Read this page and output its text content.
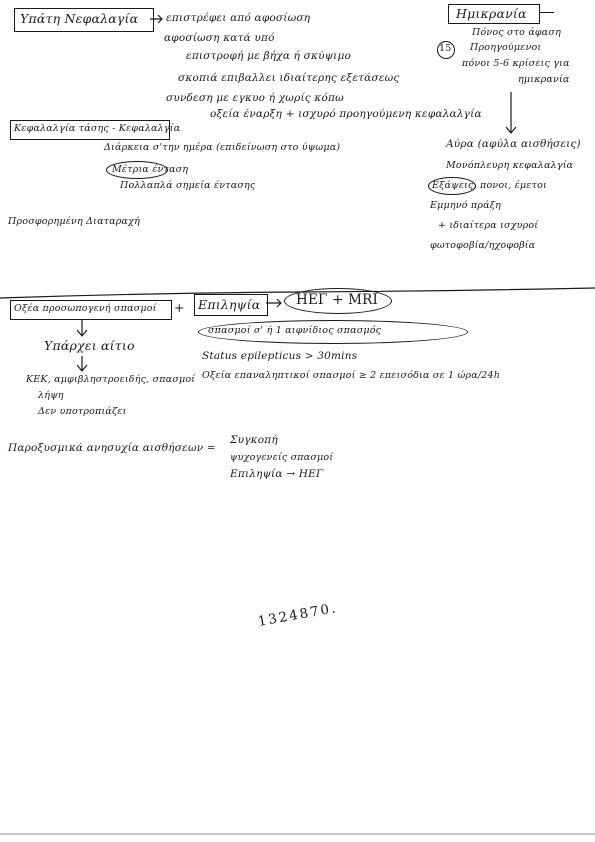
Υπάτη Νεφαλαγία	επιστρέφει από αφοσίωση
αφοσίωση κατά υπό
επιστροφή με βήχα ή σκύψιμο
σκοπιά επιβαλλει ιδιαίτερης εξετάσεως
συνδεση με εγκυο ή χωρίς κόπω
οξεία έναρξη + ισχυρό προηγούμενη κεφαλαλγία
Ημικρανία
Πόνος στο άφαση
15 Προηγούμενοι
πόνοι 5-6 κρίσεις για
ημικρανία
Αύρα (αφύλα αισθήσεις)
Μονόπλευρη κεφαλαλγία
Εξάψεις, πονοι, έμετοι
Εμμηνό πράξη
+ ιδιαίτερα ισχυροί
φωτοφοβία/ηχοφοβία
Κεφαλαλγία τάσης - Κεφαλαλγία
Διάρκεια σ'την ημέρα (επιδείνωση στο ύψωμα)
Μέτρια ένταση
Πολλαπλά σημεία έντασης
Προσφορημένη Διαταραχή
Οξέα προσωπογενή σπασμοί + Επιληψία	ΗΕΓ + MRI
σπασμοί σ' ή 1 αιφνίδιος σπασμός
Υπάρχει αίτιο
ΚΕΚ, αμφιβληστροειδής, σπασμοί
λήψη
Δεν υποτροπιάζει
Status epilepticus > 30mins
Οξεία επαναληπτικοί σπασμοί ≥ 2 επεισόδια σε 1 ώρα/24h
Παροξυσμικά ανησυχία αισθήσεων =
Συγκοπή
ψυχογενείς σπασμοί
Επιληψία → ΗΕΓ
1324870.
